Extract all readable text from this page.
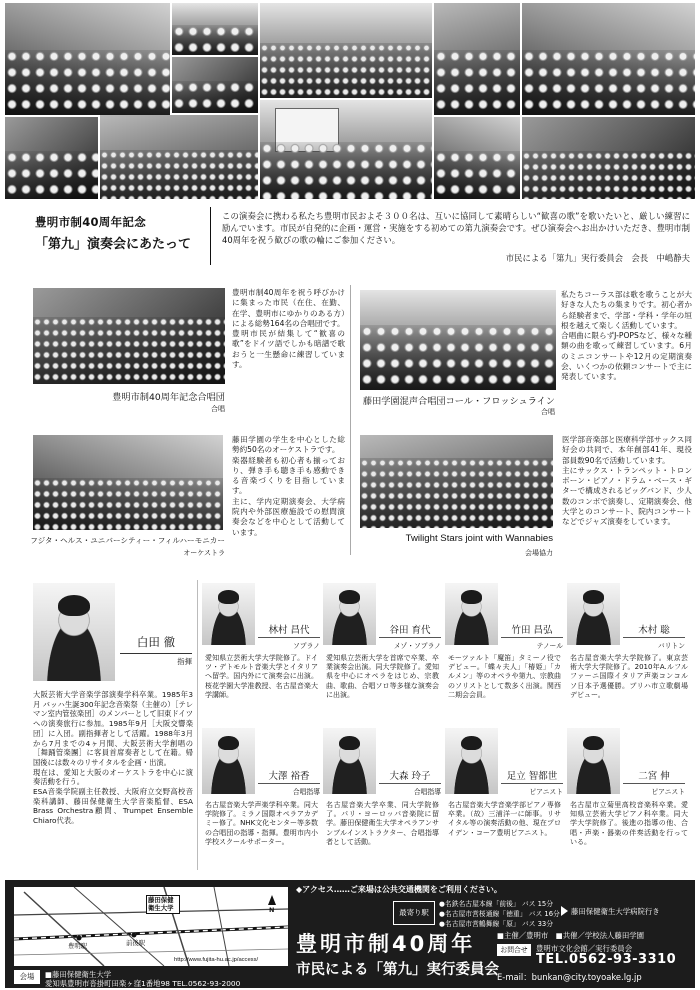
豊明市制40周年記念
「第九」演奏会にあたって
この演奏会に携わる私たち豊明市民およそ３００名は、互いに協同して素晴らしい“歓喜の歌”を歌いたいと、厳しい練習に励んでいます。市民が自発的に企画・運営・実施をする初めての第九演奏会です。ぜひ演奏会へお出かけいただき、豊明市制40周年を祝う歓びの歌の輪にご参加ください。
市民による「第九」実行委員会　会長　中嶋静夫
豊明市制40周年を祝う呼びかけに集まった市民（在住、在勤、在学、豊明市にゆかりのある方）による総勢164名の合唱団です。
豊明市民が結集して“歓喜の歌”をドイツ語でしかも暗譜で歌おうと一生懸命に練習しています。
豊明市制40周年記念合唱団
合唱
私たちコーラス部は歌を歌うことが大好きな人たちの集まりです。初心者から経験者まで、学部・学科・学年の垣根を越えて楽しく活動しています。
合唱曲に限らずJ-POPSなど、様々な種類の曲を歌って練習しています。6月のミニコンサートや12月の定期演奏会、いくつかの依頼コンサートで主に発表しています。
藤田学園混声合唱団コール・フロッシュライン
合唱
藤田学園の学生を中心とした総勢約50名のオーケストラです。
楽器経験者も初心者も揃っており、弾き手も聴き手も感動できる音楽づくりを目指しています。
主に、学内定期演奏会、大学病院内や外部医療施設での慰問演奏会などを中心として活動しています。
フジタ・ヘルス・ユニバーシティー・フィルハーモニカー
オーケストラ
医学部音楽部と医療科学部サックス同好会の共同で、本年創部41年、現役部員数90名で活動しています。
主にサックス・トランペット・トロンボーン・ピアノ・ドラム・ベース・ギターで構成されるビッグバンド、少人数のコンボで演奏し、定期演奏会、他大学とのコンサート、院内コンサートなどでジャズ演奏をしています。
Twilight Stars joint with Wannabies
会場協力
白田 徹
指揮
大阪芸術大学音楽学部演奏学科卒業。1985年3月 バッハ生誕300年記念音楽祭（主催の）［テレマン室内管弦楽団］のメンバーとして旧東ドイツへの演奏旅行に参加。1985年9月［大阪交響楽団］に入団。副指揮者として活躍。1988年3月から7月までの4ヶ月間、大阪芸術大学創唱の［舞踊管楽團］に客員首席奏者として在籍。帰国後には数々のリサイタルを企画・出演。
現在は、愛知と大阪のオーケストラを中心に演奏活動を行う。
ESA音楽学院副主任教授、大阪府立交野高校音楽科講師、藤田保健衛生大学音楽監督、ESA Brass Orchestra顧問、Trumpet Ensemble Chiaro代表。
林村 昌代
ソプラノ
愛知県立芸術大学大学院修了。ドイツ・デトモルト音楽大学とイタリアへ留学。国内外にて演奏会に出演。桜花学園大学准教授、名古屋音楽大学講師。
谷田 育代
メゾ・ソプラノ
愛知県立芸術大学を首席で卒業、卒業演奏会出演。同大学院修了。愛知県を中心にオペラをはじめ、宗教曲、歌曲、合唱ソロ等多様な演奏会に出演。
竹田 昌弘
テノール
モーツァルト「魔笛」タミーノ役でデビュー。「蝶々夫人」「椿姫」「カルメン」等のオペラや第九、宗教曲のソリストとして数多く出演。関西二期会会員。
木村 聡
バリトン
名古屋音楽大学大学院修了。東京芸術大学大学院修了。2010年A.ルフルファーニ国際イタリア声楽コンコルソ日本予選優勝。ブリハ市立歌劇場デビュー。
大澤 裕香
合唱指導
名古屋音楽大学声楽学科卒業。同大学院修了。ミラノ国際オペラアカデミー修了。NHK文化センター等多数の合唱団の指導・指揮。豊明市内小学校スクールサポーター。
大森 玲子
合唱指導
名古屋音楽大学卒業、同大学院修了。パリ・ヨーロッパ音楽院に留学。藤田保健衛生大学オペラアンサンブルインストラクター、合唱指導者として活動。
足立 智都世
ピアニスト
名古屋音楽大学音楽学部ピアノ専修卒業。（故）三浦洋一に師事。リサイタル等の演奏活動の他、現在プロイデン・コーア豊明ピアニスト。
二宮 伸
ピアニスト
名古屋市立菊里高校音楽科卒業。愛知県立芸術大学ピアノ科卒業。同大学大学院修了。後進の指導の他、合唱・声楽・器楽の伴奏活動を行っている。
藤田保健衛生大学
前後駅
豊明駅
N
http://www.fujita-hu.ac.jp/access/
会場	■藤田保健衛生大学
愛知県豊明市沓掛町田楽ヶ窪1番地98 TEL.0562-93-2000
◆アクセス……ご来場は公共交通機関をご利用ください。
最寄り駅
●名鉄名古屋本線「前後」 バス 15分
●名古屋市営桜通線「徳重」 バス 16分
●名古屋市営鶴舞線「原」 バス 33分
藤田保健衛生大学病院行き
豊明市制40周年
市民による「第九」実行委員会
■主催／豊明市　■共催／学校法人藤田学園
お問合せ	豊明市文化会館／実行委員会
TEL.0562-93-3310
E-mail：bunkan@city.toyoake.lg.jp
